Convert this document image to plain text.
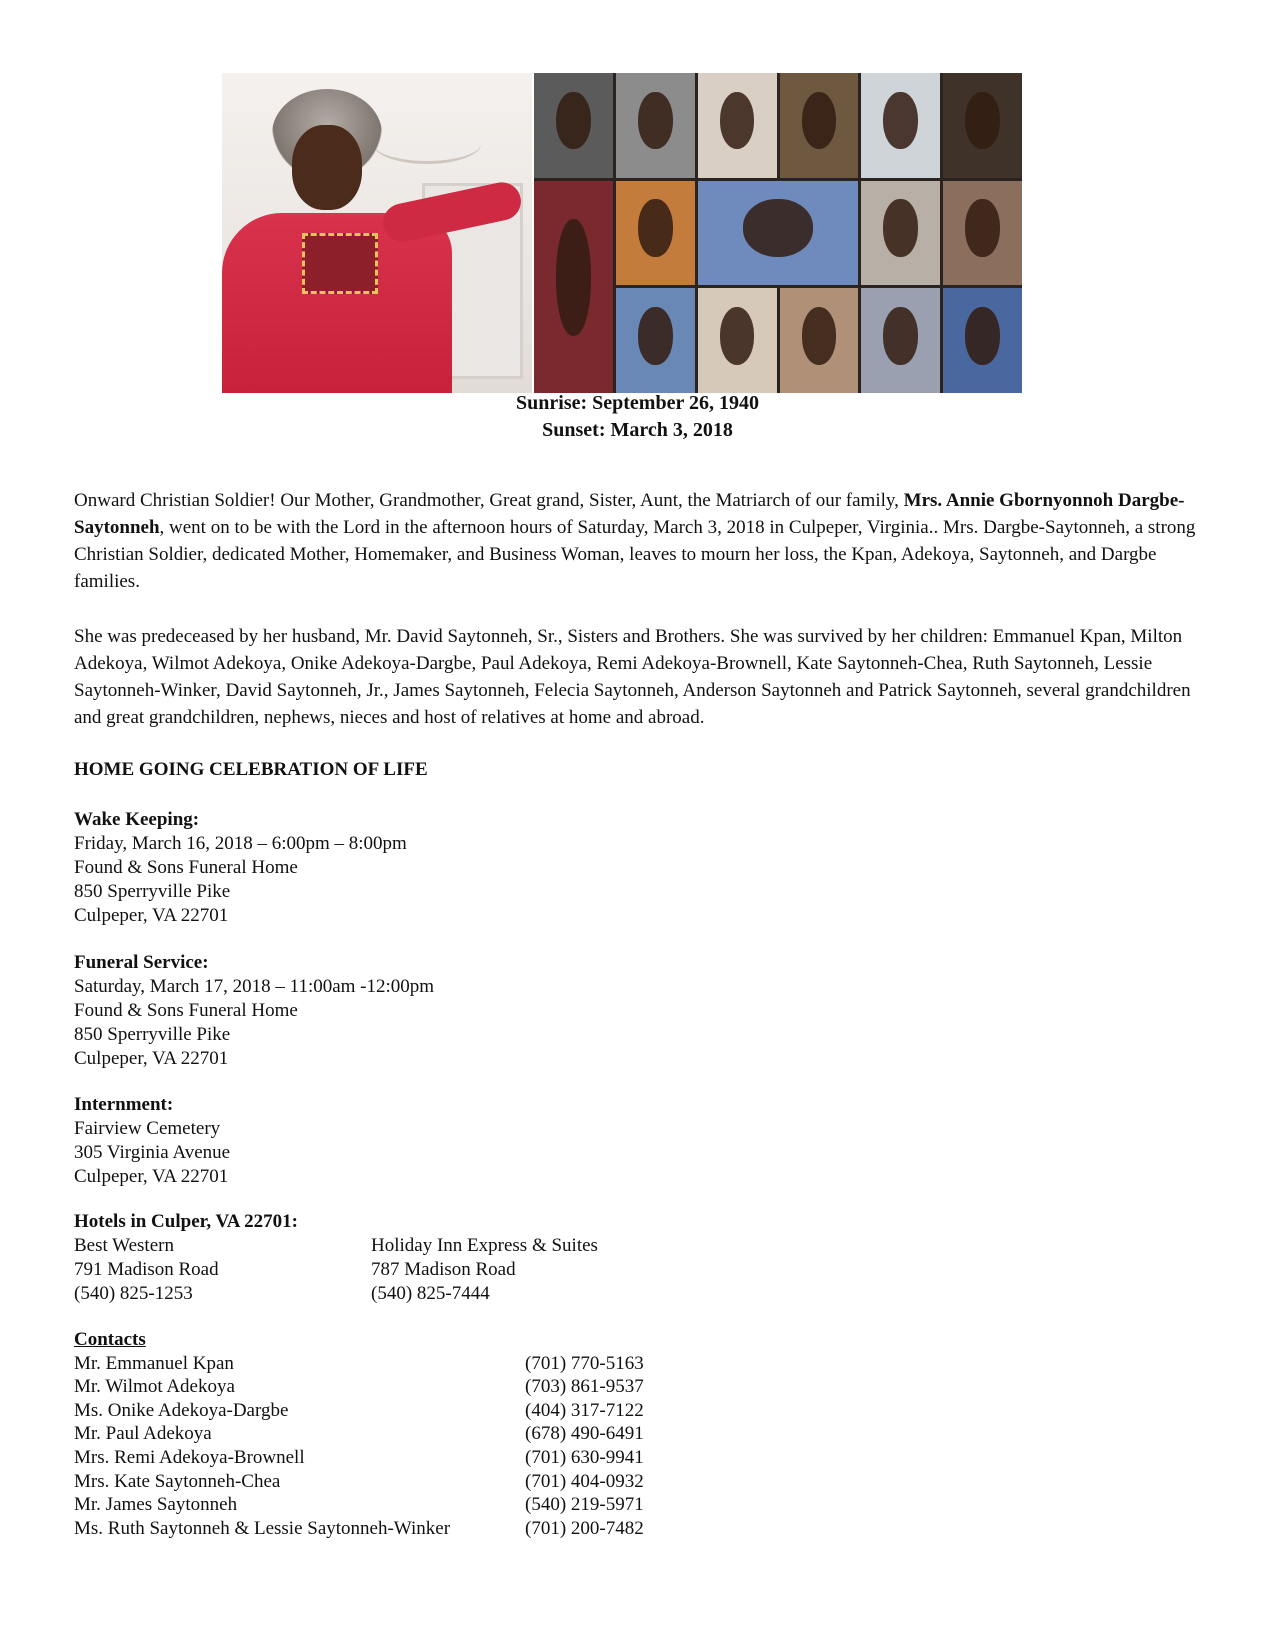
Sunrise: September 26, 1940
Sunset: March 3, 2018

Onward Christian Soldier! Our Mother, Grandmother, Great grand, Sister, Aunt, the Matriarch of our family, Mrs. Annie Gbornyonnoh Dargbe-Saytonneh, went on to be with the Lord in the afternoon hours of Saturday, March 3, 2018 in Culpeper, Virginia.. Mrs. Dargbe-Saytonneh, a strong Christian Soldier, dedicated Mother, Homemaker, and Business Woman, leaves to mourn her loss, the Kpan, Adekoya, Saytonneh, and Dargbe families.

She was predeceased by her husband, Mr. David Saytonneh, Sr., Sisters and Brothers. She was survived by her children: Emmanuel Kpan, Milton Adekoya, Wilmot Adekoya, Onike Adekoya-Dargbe, Paul Adekoya, Remi Adekoya-Brownell, Kate Saytonneh-Chea, Ruth Saytonneh, Lessie Saytonneh-Winker, David Saytonneh, Jr., James Saytonneh, Felecia Saytonneh, Anderson Saytonneh and Patrick Saytonneh, several grandchildren and great grandchildren, nephews, nieces and host of relatives at home and abroad.

HOME GOING CELEBRATION OF LIFE
Wake Keeping:
Friday, March 16, 2018 – 6:00pm – 8:00pm
Found & Sons Funeral Home
850 Sperryville Pike
Culpeper, VA 22701
Funeral Service:
Saturday, March 17, 2018 – 11:00am -12:00pm
Found & Sons Funeral Home
850 Sperryville Pike
Culpeper, VA 22701
Internment:
Fairview Cemetery
305 Virginia Avenue
Culpeper, VA 22701
Hotels in Culper, VA 22701:
Best Western
791 Madison Road
(540) 825-1253
Holiday Inn Express & Suites
787 Madison Road
(540) 825-7444
Contacts
Mr. Emmanuel Kpan	(701) 770-5163
Mr. Wilmot Adekoya	(703) 861-9537
Ms. Onike Adekoya-Dargbe	(404) 317-7122
Mr. Paul Adekoya	(678) 490-6491
Mrs. Remi Adekoya-Brownell	(701) 630-9941
Mrs. Kate Saytonneh-Chea	(701) 404-0932
Mr. James Saytonneh	(540) 219-5971
Ms. Ruth Saytonneh & Lessie Saytonneh-Winker	(701) 200-7482
